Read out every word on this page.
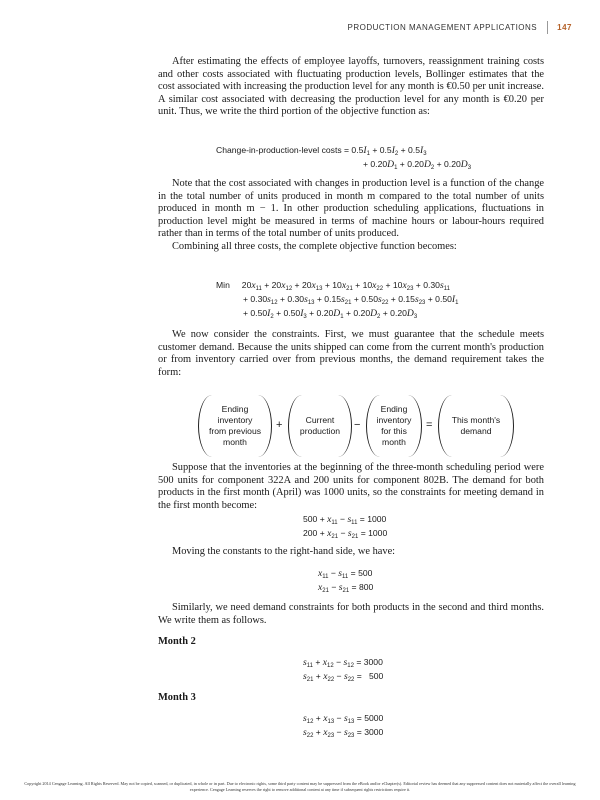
PRODUCTION MANAGEMENT APPLICATIONS	147

After estimating the effects of employee layoffs, turnovers, reassignment training costs and other costs associated with fluctuating production levels, Bollinger estimates that the cost associated with increasing the production level for any month is €0.50 per unit increase. A similar cost associated with decreasing the production level for any month is €0.20 per unit. Thus, we write the third portion of the objective function as:

Change-in-production-level costs = $0.5I_1 + 0.5I_2 + 0.5I_3$
+ $0.20D_1 + 0.20D_2 + 0.20D_3$

Note that the cost associated with changes in production level is a function of the change in the total number of units produced in month m compared to the total number of units produced in month m − 1. In other production scheduling applications, fluctuations in production level might be measured in terms of machine hours or labour-hours required rather than in terms of the total number of units produced.

Combining all three costs, the complete objective function becomes:

Min     $20x_{11} + 20x_{12} + 20x_{13} + 10x_{21} + 10x_{22} + 10x_{23} + 0.30s_{11}$
+ $0.30s_{12} + 0.30s_{13} + 0.15s_{21} + 0.50s_{22} + 0.15s_{23} + 0.50I_1$
+ $0.50I_2 + 0.50I_3 + 0.20D_1 + 0.20D_2 + 0.20D_3$

We now consider the constraints. First, we must guarantee that the schedule meets customer demand. Because the units shipped can come from the current month's production or from inventory carried over from previous months, the demand requirement takes the form:

Ending
inventory
from previous
month
+	Current
production −
Ending
inventory
for this
month
= This month's
demand

Suppose that the inventories at the beginning of the three-month scheduling period were 500 units for component 322A and 200 units for component 802B. The demand for both products in the first month (April) was 1000 units, so the constraints for meeting demand in the first month become:

$500 + x_{11} - s_{11} = 1000$
$200 + x_{21} - s_{21} = 1000$

Moving the constants to the right-hand side, we have:

$x_{11} - s_{11} = 500$
$x_{21} - s_{21} = 800$

Similarly, we need demand constraints for both products in the second and third months. We write them as follows.

Month 2
$s_{11} + x_{12} - s_{12} = 3000$
$s_{21} + x_{22} - s_{22} = 500$
Month 3
$s_{12} + x_{13} - s_{13} = 5000$
$s_{22} + x_{23} - s_{23} = 3000$
Copyright 2014 Cengage Learning. All Rights Reserved. May not be copied, scanned, or duplicated, in whole or in part. Due to electronic rights, some third party content may be suppressed from the eBook and/or eChapter(s). Editorial review has deemed that any suppressed content does not materially affect the overall learning experience. Cengage Learning reserves the right to remove additional content at any time if subsequent rights restrictions require it.
